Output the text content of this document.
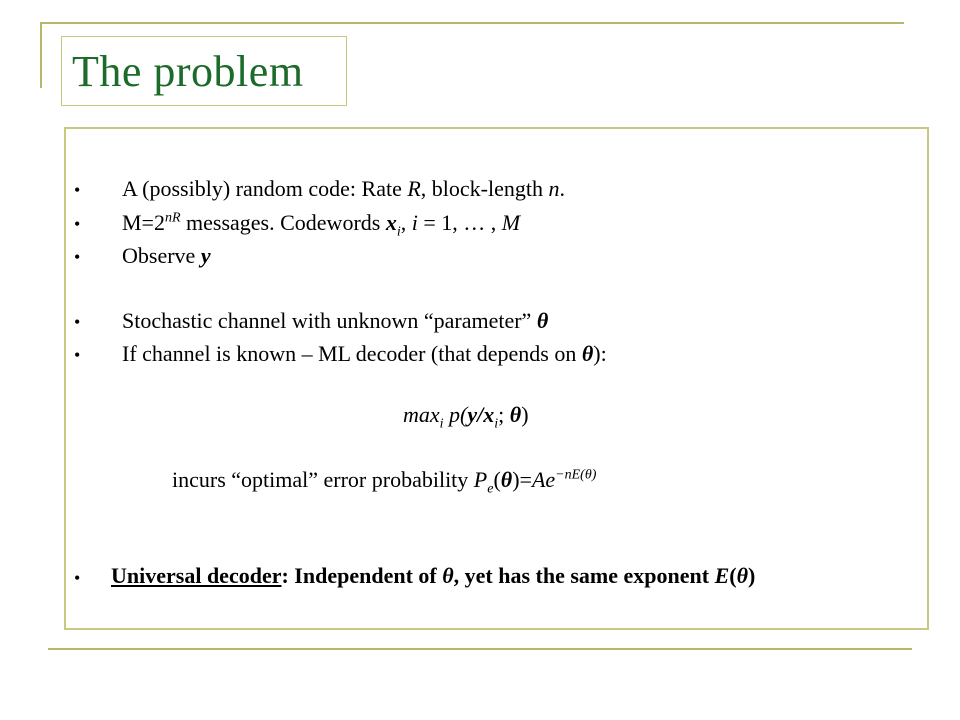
The problem
• A (possibly) random code: Rate R, block-length n.
• $M=2^{nR}$ messages. Codewords $x_i$, i = 1, … , M
• Observe y
• Stochastic channel with unknown “parameter” θ
• If channel is known – ML decoder (that depends on θ):
$\max_i p(y/x_i$; θ)
incurs “optimal” error probability $P_e(\theta)=Ae^{-nE(\theta)}$
• Universal decoder: Independent of θ, yet has the same exponent E(θ)
